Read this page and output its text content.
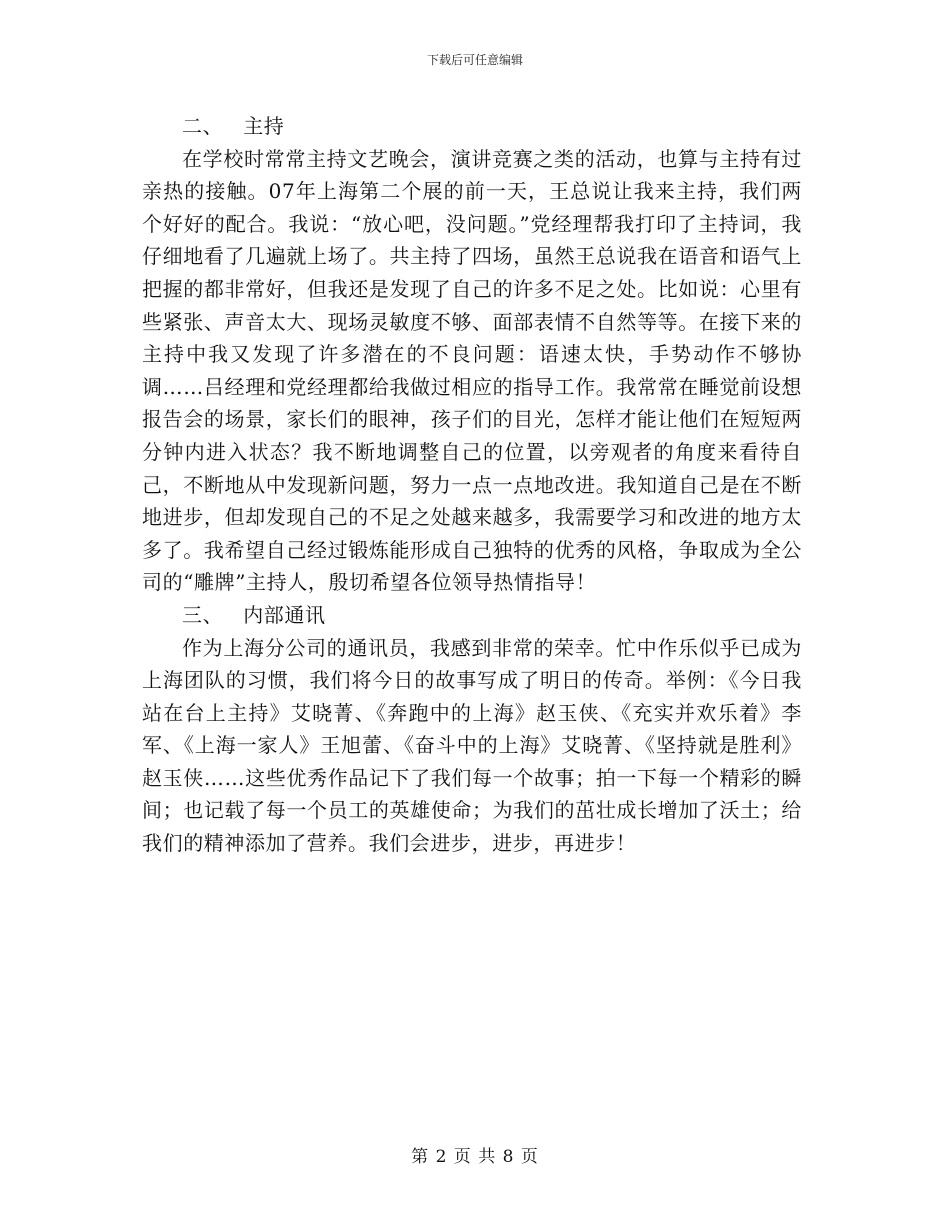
下载后可任意编辑

二、 主持

在学校时常常主持文艺晚会，演讲竞赛之类的活动，也算与主持有过亲热的接触。07年上海第二个展的前一天，王总说让我来主持，我们两个好好的配合。我说：“放心吧，没问题。”党经理帮我打印了主持词，我仔细地看了几遍就上场了。共主持了四场，虽然王总说我在语音和语气上把握的都非常好，但我还是发现了自己的许多不足之处。比如说：心里有些紧张、声音太大、现场灵敏度不够、面部表情不自然等等。在接下来的主持中我又发现了许多潜在的不良问题：语速太快，手势动作不够协调……吕经理和党经理都给我做过相应的指导工作。我常常在睡觉前设想报告会的场景，家长们的眼神，孩子们的目光，怎样才能让他们在短短两分钟内进入状态？我不断地调整自己的位置，以旁观者的角度来看待自己，不断地从中发现新问题，努力一点一点地改进。我知道自己是在不断地进步，但却发现自己的不足之处越来越多，我需要学习和改进的地方太多了。我希望自己经过锻炼能形成自己独特的优秀的风格，争取成为全公司的“雕牌”主持人，殷切希望各位领导热情指导！

三、 内部通讯

作为上海分公司的通讯员，我感到非常的荣幸。忙中作乐似乎已成为上海团队的习惯，我们将今日的故事写成了明日的传奇。举例：《今日我站在台上主持》艾晓菁、《奔跑中的上海》赵玉侠、《充实并欢乐着》李军、《上海一家人》王旭蕾、《奋斗中的上海》艾晓菁、《坚持就是胜利》赵玉侠……这些优秀作品记下了我们每一个故事；拍一下每一个精彩的瞬间；也记载了每一个员工的英雄使命；为我们的茁壮成长增加了沃土；给我们的精神添加了营养。我们会进步，进步，再进步！

第 2 页 共 8 页
